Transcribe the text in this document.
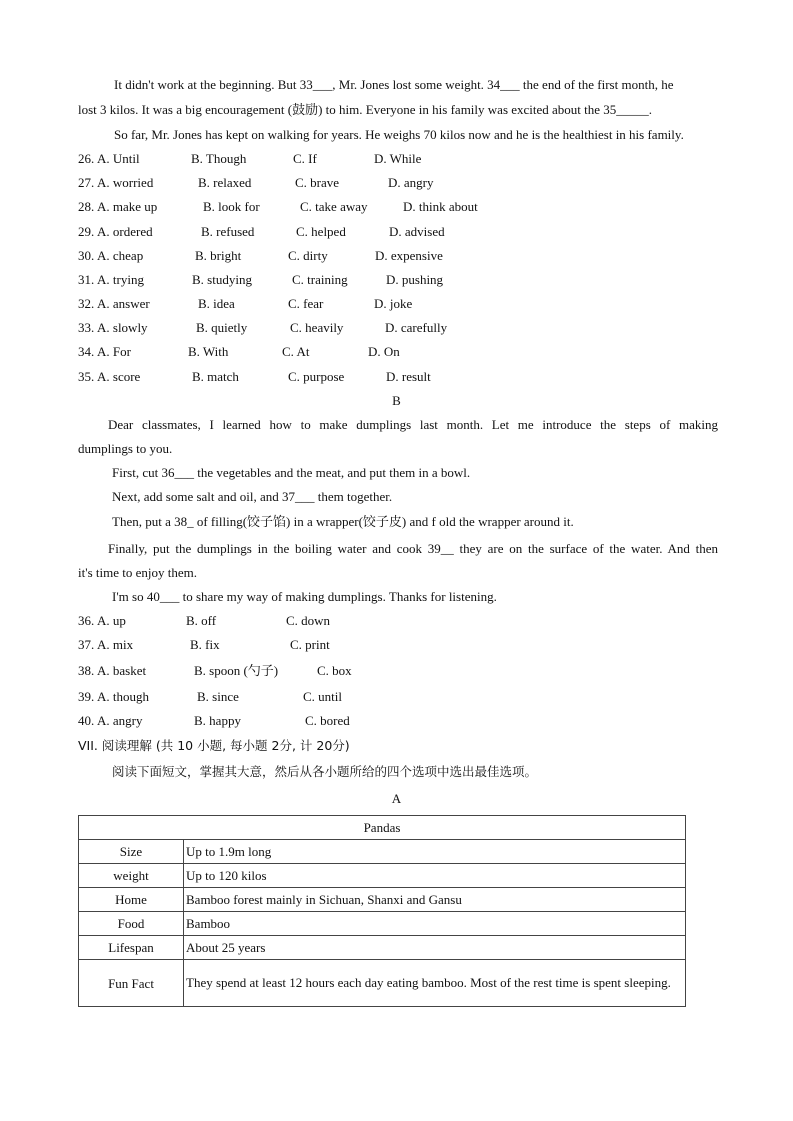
It didn't work at the beginning. But 33___, Mr. Jones lost some weight. 34___ the end of the first month, he
lost 3 kilos. It was a big encouragement (鼓励) to him. Everyone in his family was excited about the 35_____.
So far, Mr. Jones has kept on walking for years. He weighs 70 kilos now and he is the healthiest in his family.
26. A. Until	B. Though	C. If	D. While
27. A. worried	B. relaxed	C. brave	D. angry
28. A. make up	B. look for	C. take away	D. think about
29. A. ordered	B. refused	C. helped	D. advised
30. A. cheap	B. bright	C. dirty	D. expensive
31. A. trying	B. studying	C. training	D. pushing
32. A. answer	B. idea	C. fear	D. joke
33. A. slowly	B. quietly	C. heavily	D. carefully
34. A. For	B. With	C. At	D. On
35. A. score	B. match	C. purpose	D. result
B
Dear classmates, I learned how to make dumplings last month. Let me introduce the steps of making
dumplings to you.
First, cut 36___ the vegetables and the meat, and put them in a bowl.
Next, add some salt and oil, and 37___ them together.
Then, put a 38_ of filling(饺子馅) in a wrapper(饺子皮) and f old the wrapper around it.
Finally, put the dumplings in the boiling water and cook 39__ they are on the surface of the water. And then
it's time to enjoy them.
I'm so 40___ to share my way of making dumplings. Thanks for listening.
36. A. up	B. off	C. down
37. A. mix	B. fix	C. print
38. A. basket	B. spoon (勺子)	C. box
39. A. though	B. since	C. until
40. A. angry	B. happy	C. bored
VII. 阅读理解 (共 10 小题, 每小题 2分, 计 20分)
阅读下面短文，掌握其大意，然后从各小题所给的四个选项中选出最佳选项。
A
Pandas	
Size	Up to 1.9m long
weight	Up to 120 kilos
Home	Bamboo forest mainly in Sichuan, Shanxi and Gansu
Food	Bamboo
Lifespan	About 25 years
Fun Fact	They spend at least 12 hours each day eating bamboo. Most of the rest time is spent sleeping.
